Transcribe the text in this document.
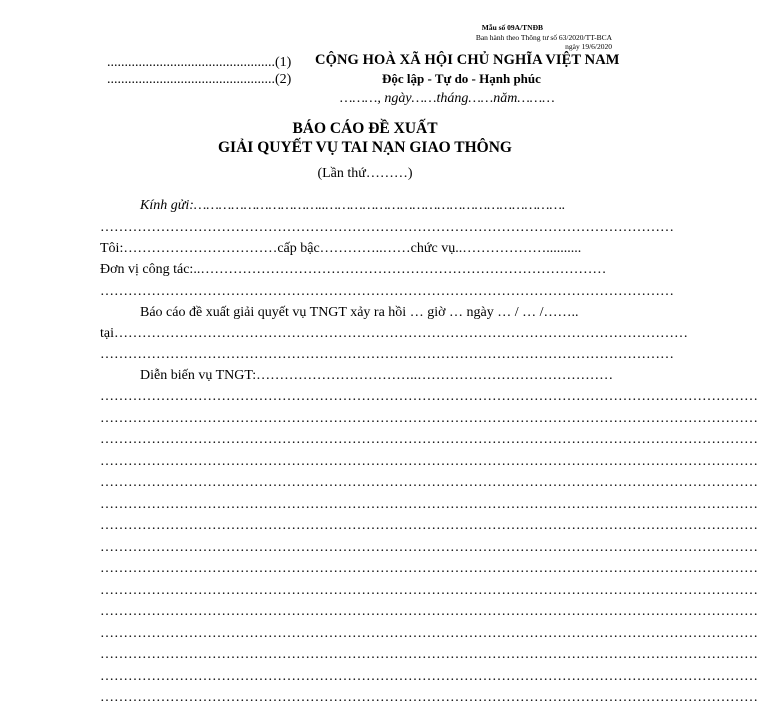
Mẫu số 09A/TNĐB
Ban hành theo Thông tư số 63/2020/TT-BCA
ngày 19/6/2020
................................................(1)
................................................(2)
CỘNG HOÀ XÃ HỘI CHỦ NGHĨA VIỆT NAM
Độc lập - Tự do - Hạnh phúc
………, ngày……tháng……năm………
BÁO CÁO ĐỀ XUẤT
GIẢI QUYẾT VỤ TAI NẠN GIAO THÔNG
(Lần thứ………)
Kính gửi:…………………………..………………………………………………….
……………………………………………………………………………………………………………
Tôi:……………………………cấp bậc…………..……chức vụ..………………..........
Đơn vị công tác:..……………………………………………………………………………
……………………………………………………………………………………………………………
Báo cáo đề xuất giải quyết vụ TNGT xảy ra hồi … giờ … ngày … / … /……..
tại……………………………………………………………………………………………………………
……………………………………………………………………………………………………………
Diễn biến vụ TNGT:……………………………..……………………………………
……………………………………………………………………………………………………………………………
……………………………………………………………………………………………………………………………
……………………………………………………………………………………………………………………………
……………………………………………………………………………………………………………………………
……………………………………………………………………………………………………………………………
……………………………………………………………………………………………………………………………
……………………………………………………………………………………………………………………………
……………………………………………………………………………………………………………………………
……………………………………………………………………………………………………………………………
……………………………………………………………………………………………………………………………
……………………………………………………………………………………………………………………………
……………………………………………………………………………………………………………………………
……………………………………………………………………………………………………………………………
……………………………………………………………………………………………………………………………
……………………………………………………………………………………………………………………………
